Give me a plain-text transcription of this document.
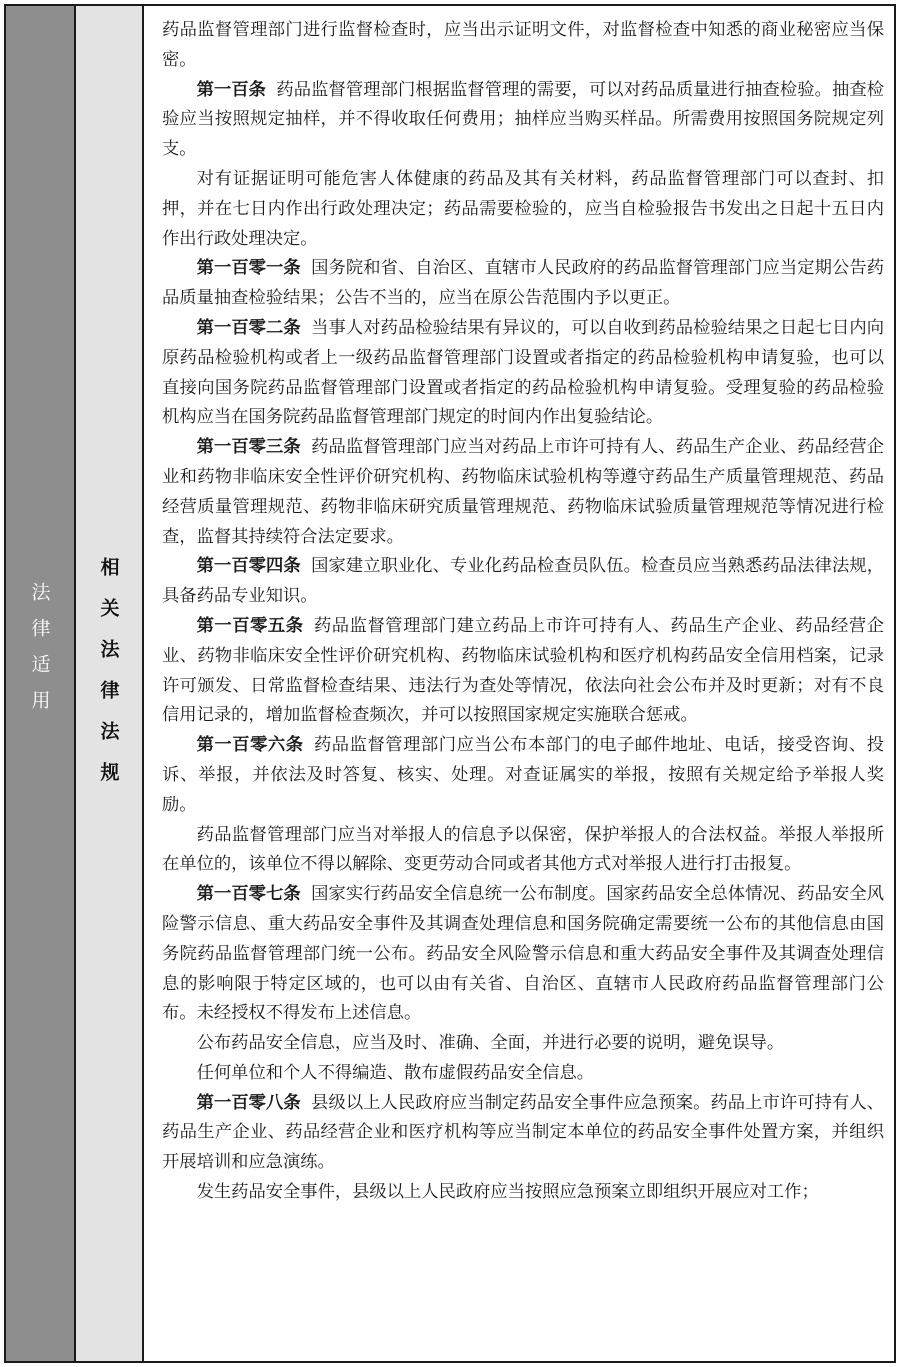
法律适用 相关法律法规

药品监督管理部门进行监督检查时，应当出示证明文件，对监督检查中知悉的商业秘密应当保密。

第一百条 药品监督管理部门根据监督管理的需要，可以对药品质量进行抽查检验。抽查检验应当按照规定抽样，并不得收取任何费用；抽样应当购买样品。所需费用按照国务院规定列支。

对有证据证明可能危害人体健康的药品及其有关材料，药品监督管理部门可以查封、扣押，并在七日内作出行政处理决定；药品需要检验的，应当自检验报告书发出之日起十五日内作出行政处理决定。

第一百零一条 国务院和省、自治区、直辖市人民政府的药品监督管理部门应当定期公告药品质量抽查检验结果；公告不当的，应当在原公告范围内予以更正。

第一百零二条 当事人对药品检验结果有异议的，可以自收到药品检验结果之日起七日内向原药品检验机构或者上一级药品监督管理部门设置或者指定的药品检验机构申请复验，也可以直接向国务院药品监督管理部门设置或者指定的药品检验机构申请复验。受理复验的药品检验机构应当在国务院药品监督管理部门规定的时间内作出复验结论。

第一百零三条 药品监督管理部门应当对药品上市许可持有人、药品生产企业、药品经营企业和药物非临床安全性评价研究机构、药物临床试验机构等遵守药品生产质量管理规范、药品经营质量管理规范、药物非临床研究质量管理规范、药物临床试验质量管理规范等情况进行检查，监督其持续符合法定要求。

第一百零四条 国家建立职业化、专业化药品检查员队伍。检查员应当熟悉药品法律法规，具备药品专业知识。

第一百零五条 药品监督管理部门建立药品上市许可持有人、药品生产企业、药品经营企业、药物非临床安全性评价研究机构、药物临床试验机构和医疗机构药品安全信用档案，记录许可颁发、日常监督检查结果、违法行为查处等情况，依法向社会公布并及时更新；对有不良信用记录的，增加监督检查频次，并可以按照国家规定实施联合惩戒。

第一百零六条 药品监督管理部门应当公布本部门的电子邮件地址、电话，接受咨询、投诉、举报，并依法及时答复、核实、处理。对查证属实的举报，按照有关规定给予举报人奖励。

药品监督管理部门应当对举报人的信息予以保密，保护举报人的合法权益。举报人举报所在单位的，该单位不得以解除、变更劳动合同或者其他方式对举报人进行打击报复。

第一百零七条 国家实行药品安全信息统一公布制度。国家药品安全总体情况、药品安全风险警示信息、重大药品安全事件及其调查处理信息和国务院确定需要统一公布的其他信息由国务院药品监督管理部门统一公布。药品安全风险警示信息和重大药品安全事件及其调查处理信息的影响限于特定区域的，也可以由有关省、自治区、直辖市人民政府药品监督管理部门公布。未经授权不得发布上述信息。

公布药品安全信息，应当及时、准确、全面，并进行必要的说明，避免误导。

任何单位和个人不得编造、散布虚假药品安全信息。

第一百零八条 县级以上人民政府应当制定药品安全事件应急预案。药品上市许可持有人、药品生产企业、药品经营企业和医疗机构等应当制定本单位的药品安全事件处置方案，并组织开展培训和应急演练。

发生药品安全事件，县级以上人民政府应当按照应急预案立即组织开展应对工作；
